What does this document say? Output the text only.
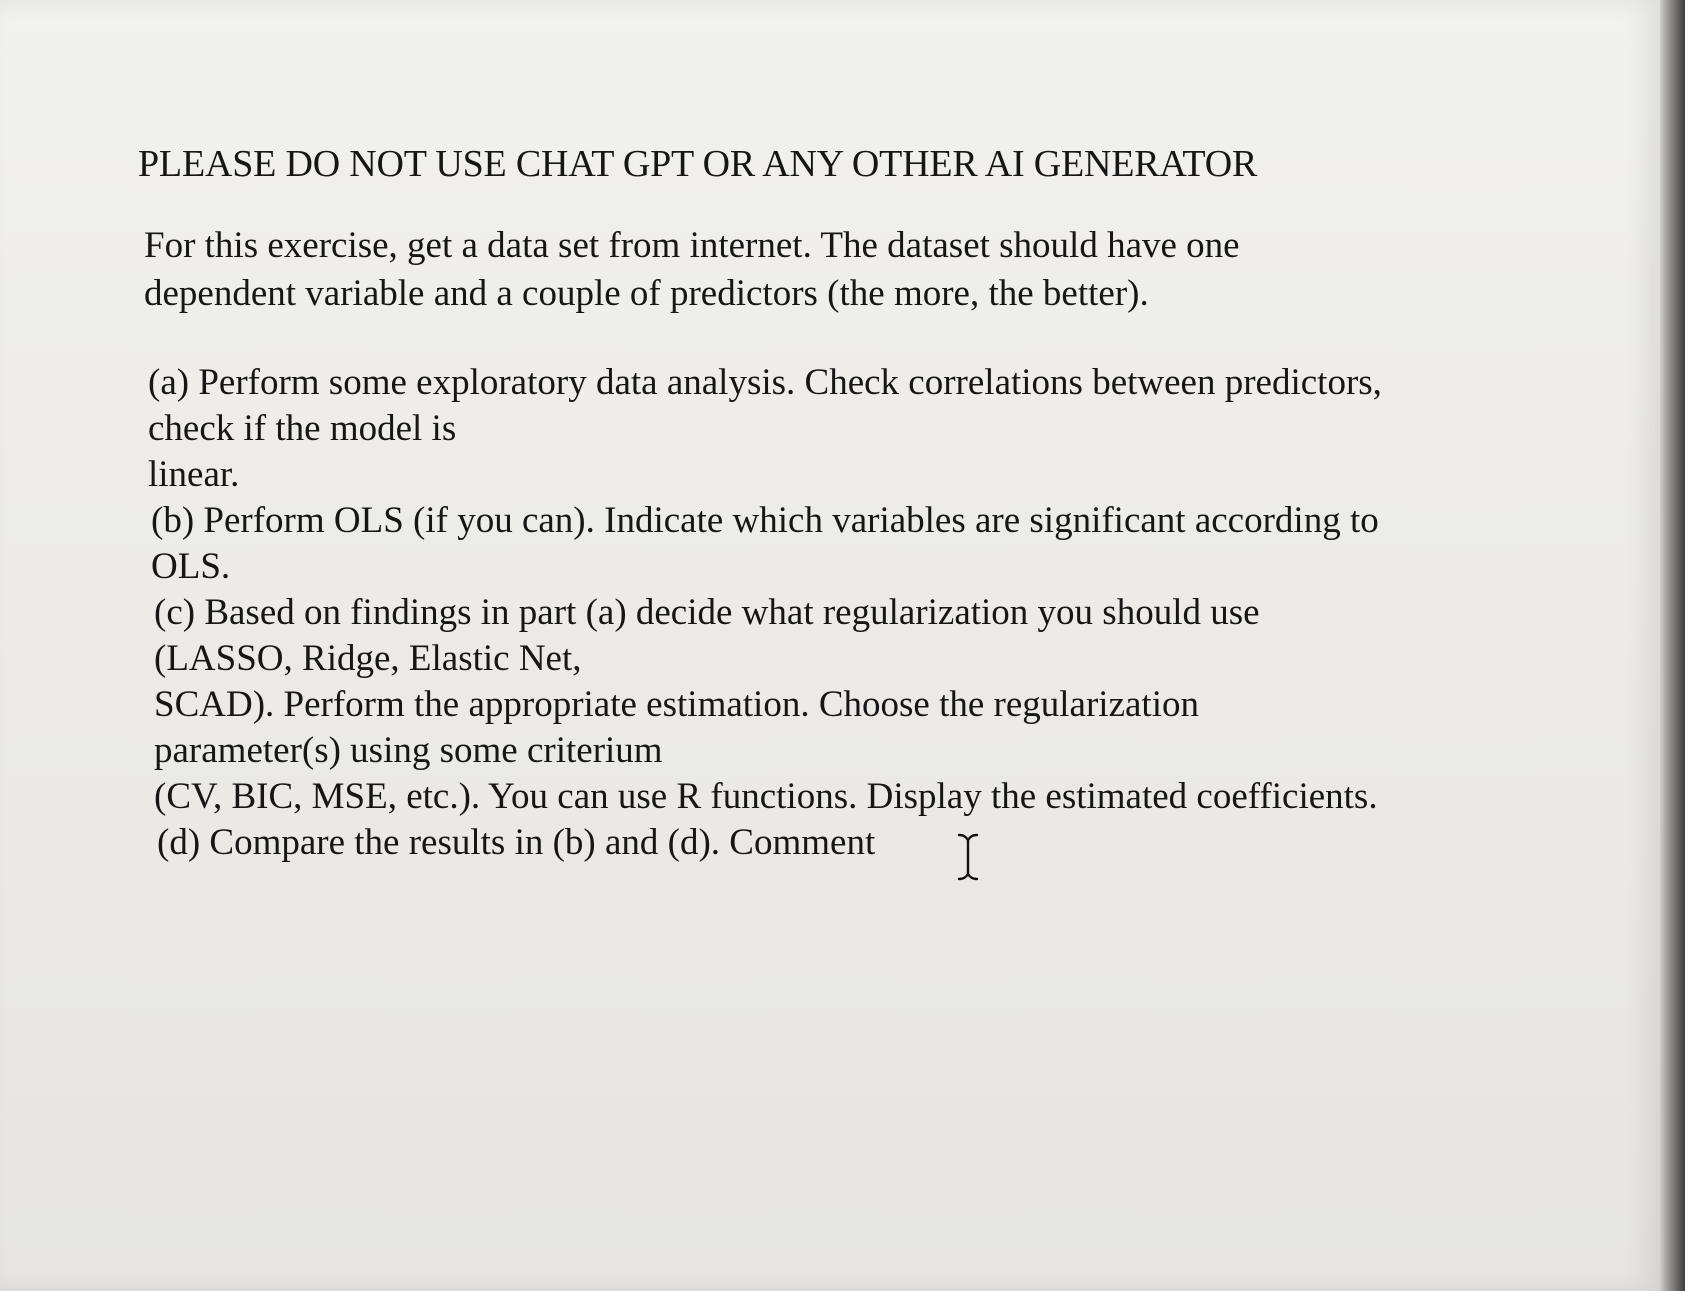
PLEASE DO NOT USE CHAT GPT OR ANY OTHER AI GENERATOR
For this exercise, get a data set from internet. The dataset should have one dependent variable and a couple of predictors (the more, the better).
(a) Perform some exploratory data analysis. Check correlations between predictors,
check if the model is
linear.
(b) Perform OLS (if you can). Indicate which variables are significant according to
OLS.
(c) Based on findings in part (a) decide what regularization you should use
(LASSO, Ridge, Elastic Net,
SCAD). Perform the appropriate estimation. Choose the regularization
parameter(s) using some criterium
(CV, BIC, MSE, etc.). You can use R functions. Display the estimated coefficients.
(d) Compare the results in (b) and (d). Comment
